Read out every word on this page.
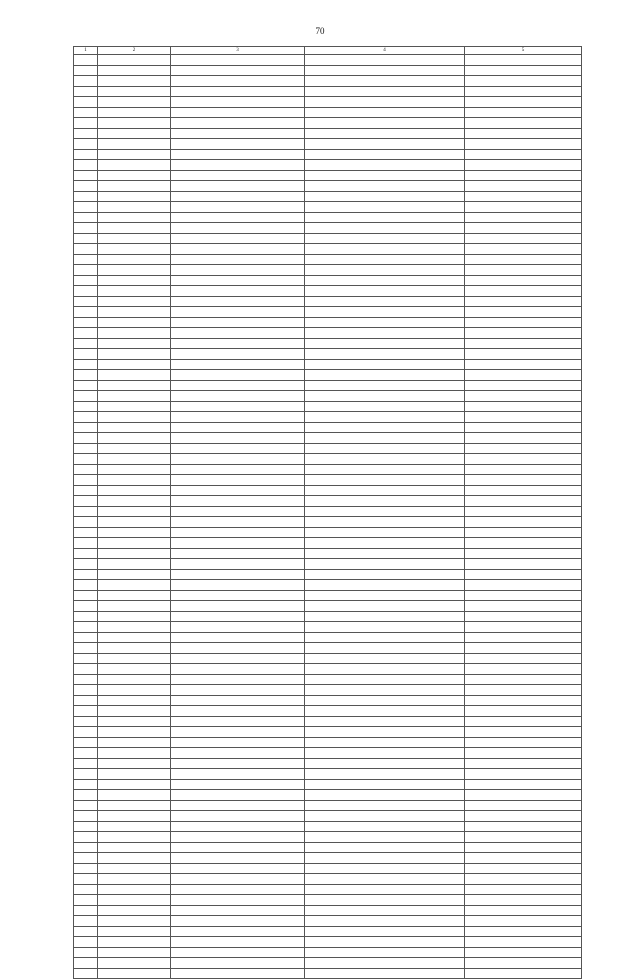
70
1	2	3	4	5
